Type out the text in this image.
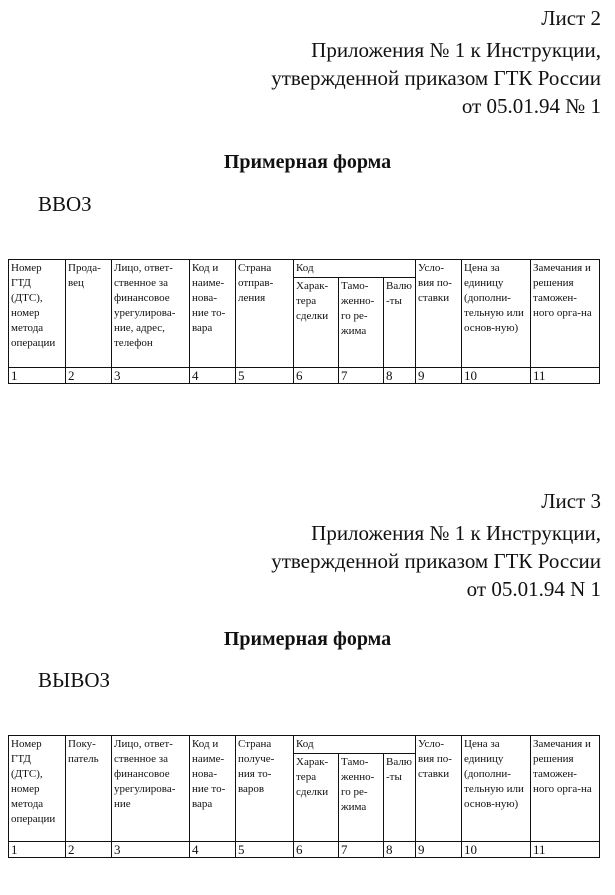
Лист 2
Приложения № 1 к Инструкции,
утвержденной приказом ГТК России
от 05.01.94 № 1
Примерная форма
ВВОЗ
Номер ГТД (ДТС), номер метода операции	Прода-вец	Лицо, ответ-ственное за финансовое урегулирова-ние, адрес, телефон	Код и наиме-нова-ние то-вара	Страна отправ-ления	Код			Усло-вия по-ставки	Цена за единицу (дополни-тельную или основ-ную)	Замечания и решения таможен-ного орга-на
					Харак-тера сделки	Тамо-женно-го ре-жима	Валю-ты			
1	2	3	4	5	6	7	8	9	10	11
Лист 3
Приложения № 1 к Инструкции,
утвержденной приказом ГТК России
от 05.01.94 N 1
Примерная форма
ВЫВОЗ
Номер ГТД (ДТС), номер метода операции	Поку-патель	Лицо, ответ-ственное за финансовое урегулирова-ние	Код и наиме-нова-ние то-вара	Страна получе-ния то-варов	Код			Усло-вия по-ставки	Цена за единицу (дополни-тельную или основ-ную)	Замечания и решения таможен-ного орга-на
					Харак-тера сделки	Тамо-женно-го ре-жима	Валю-ты			
1	2	3	4	5	6	7	8	9	10	11
